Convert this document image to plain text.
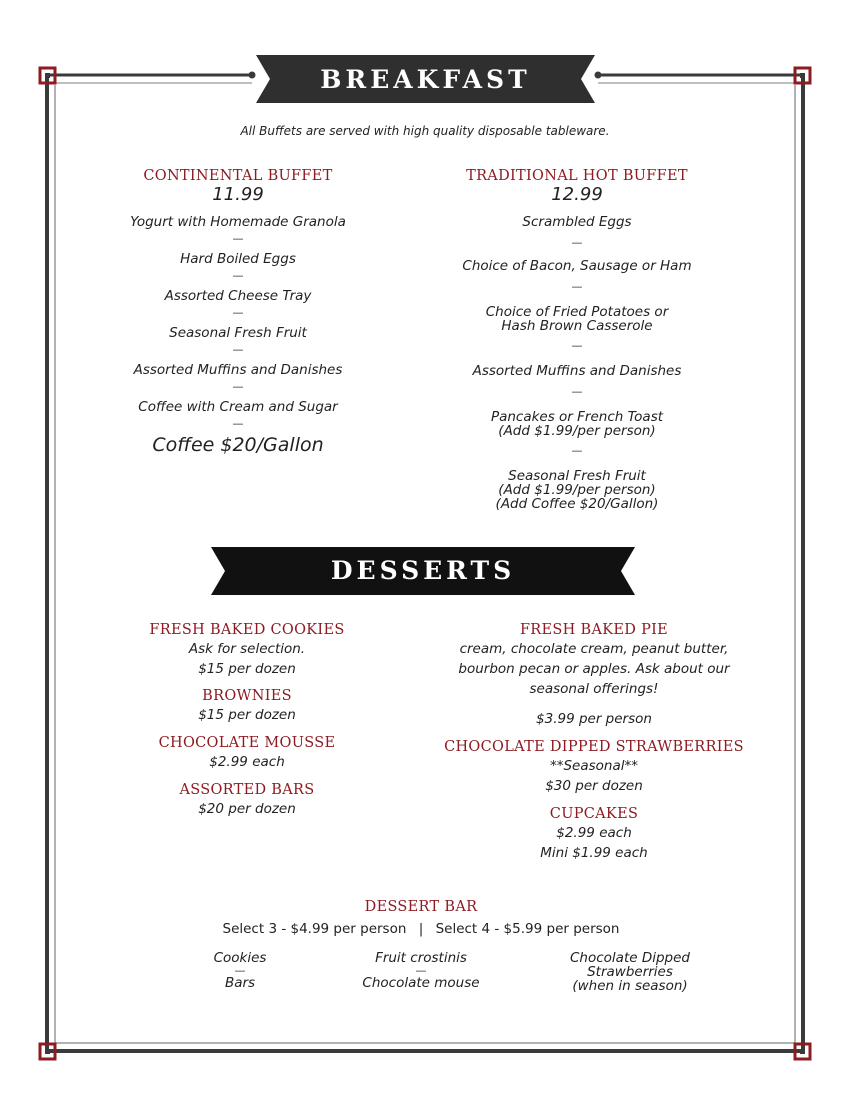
BREAKFAST
All Buffets are served with high quality disposable tableware.
CONTINENTAL BUFFET
11.99
Yogurt with Homemade Granola
—
Hard Boiled Eggs
—
Assorted Cheese Tray
—
Seasonal Fresh Fruit
—
Assorted Muffins and Danishes
—
Coffee with Cream and Sugar
—
Coffee $20/Gallon
TRADITIONAL HOT BUFFET
12.99
Scrambled Eggs
—
Choice of Bacon, Sausage or Ham
—
Choice of Fried Potatoes or
Hash Brown Casserole
—
Assorted Muffins and Danishes
—
Pancakes or French Toast
(Add $1.99/per person)
—
Seasonal Fresh Fruit
(Add $1.99/per person)
(Add Coffee $20/Gallon)
DESSERTS
FRESH BAKED COOKIES
Ask for selection.
$15 per dozen
BROWNIES
$15 per dozen
CHOCOLATE MOUSSE
$2.99 each
ASSORTED BARS
$20 per dozen
FRESH BAKED PIE
cream, chocolate cream, peanut butter,
bourbon pecan or apples. Ask about our
seasonal offerings!
$3.99 per person
CHOCOLATE DIPPED STRAWBERRIES
**Seasonal**
$30 per dozen
CUPCAKES
$2.99 each
Mini $1.99 each
DESSERT BAR
Select 3 - $4.99 per person | Select 4 - $5.99 per person
Cookies
—
Bars
Fruit crostinis
—
Chocolate mouse
Chocolate Dipped
Strawberries
(when in season)
